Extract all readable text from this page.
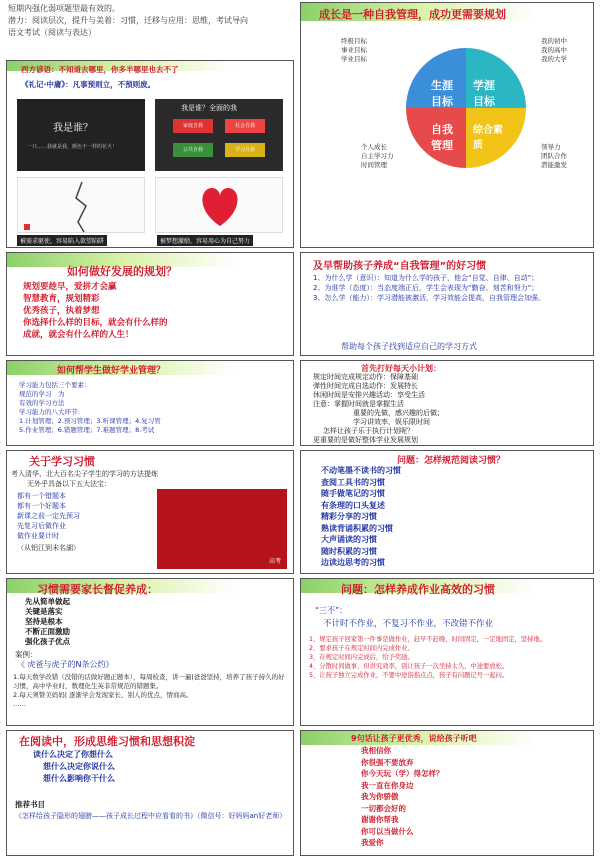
短期内强化弱项题型最有效的。
潜力：阅读层次，提升与美着：习惯，迁移与应用：思维，考试导向
语文考试（阅读与表达）
西方谚语：不知道去哪里，你多半哪里也去不了
《礼记·中庸》：凡事预则立，不预则废。
我是谁？
一只……我就是我，颜色不一样的花火！
我是谁？全面的我
家庭自我	社会自我
公共自我	学习自我
被需求驱使，容易陷入欲望陷阱	被梦想激励，容易用心为自己努力
成长是一种自我管理，成功更需要规划
终极目标
事业目标
学业目标
我的初中
我的高中
我的大学
生涯目标
学涯目标
自我管理
综合素质
个人成长
自主学习力
时间管理
领导力
团队合作
潜能激发
如何做好发展的规划？
规划要趁早，爱拼才会赢
智慧教育，规划精彩
优秀孩子，执着梦想
你选择什么样的目标，就会有什么样的
成就，就会有什么样的人生！
及早帮助孩子养成“自我管理”的好习惯
1、为什么学（意识）：知道为什么学的孩子，他会“自觉、自律、自动”；
2、为谁学（态度）：当态度端正后，学生会表现为“勤奋、刻苦和努力”；
3、怎么学（能力）：学习潜能被激活，学习效能会提高，自我管理会加强。
帮助每个孩子找到适应自己的学习方式
如何帮学生做好学业管理？
学习能力包括三个要素：
规范的学习　为
有效的学习方法
学习能力的八大环节：
1.计划管理；2.预习管理；3.听课管理；4.复习管
5.作业管理；6.错题管理；7.难题管理；8.考试
首先打好每天小计划：
规定时间完成规定动作：保障基础
弹性时间完成自选动作：发展特长
休闲时间是安排兴趣活动：享受生活
注意：掌握时间就是掌握生活
重要的先做，感兴趣的后做；
学习讲效率，娱乐限时间
怎样让孩子乐于执行计划呢？
更重要的是做好整体学业发展规划
关于学习习惯
考入清华、北大百名尖子学生的学习的方法提炼
无外乎具备以下五大法宝：
都有一个错题本
都有一个好题本
新课之前一定先预习
先复习后做作业
做作业要计时
（从铝江到未名湖）
高考
问题：怎样规范阅读习惯？
不动笔墨不读书的习惯
查阅工具书的习惯
随手做笔记的习惯
有条理的口头复述
精彩分享的习惯
熟读背诵积累的习惯
大声诵读的习惯
随时积累的习惯
边读边思考的习惯
习惯需要家长督促养成：
先从简单做起
关键是落实
坚持是根本
不断正面激励
强化孩子优点
案例：
《 虎爸与虎子的N条公约》
1.每天数学改错（没错的话做好题正题本），每周检查，讲一遍|爸爸坚持，培养了孩子持久的好习惯，高中毕业时，数理化生英非常规范的错题集。
2.每天须赞美妈妈| 逐渐学会发现家长、别人的优点，情商高。
……
问题：怎样养成作业高效的习惯
“三不”：
不计时不作业，不复习不作业，不改错不作业
1、规定孩子回家第一件事是做作业，赶早不赶晚，时间固定，一定地固定，坚持地。
2、要求孩子在规定时间内完成作业。
3、在规定时间内完成后，给予奖励。
4、分散时间做事，但讲究效率，别让孩子一次坐持太久，中途要放松。
5、让孩子独立完成作业，不要中途指指点点，孩子有问题记号一起问。
在阅读中，形成思维习惯和思想积淀
读什么决定了你想什么
想什么决定你说什么
想什么影响你干什么
推荐书目
《怎样给孩子隐形的翅膀——孩子成长过程中应看看的书》（微信号：好妈妈an好老师）
9句话让孩子更优秀，说给孩子听吧
我相信你
你很强不要放弃
你今天玩（学）得怎样？
我一直在你身边
我为你骄傲
一切都会好的
谢谢你帮我
你可以当做什么
我爱你
